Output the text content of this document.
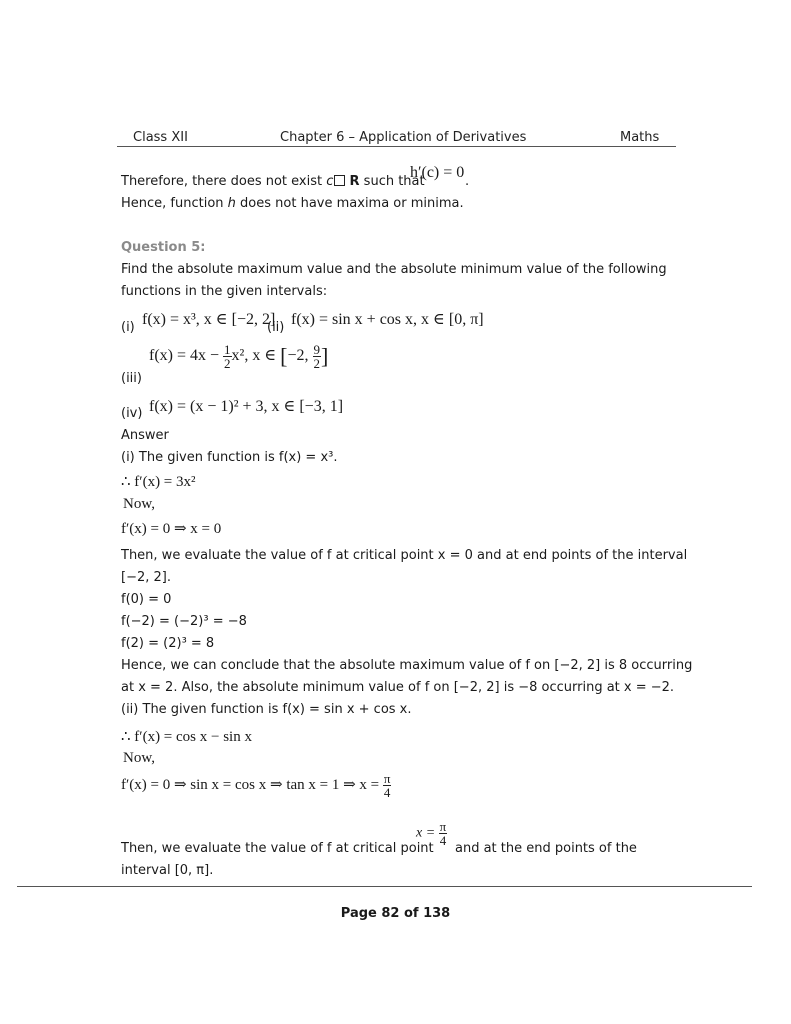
Class XII	Chapter 6 – Application of Derivatives	Maths
Therefore, there does not exist c R such that
h′(c) = 0
.
Hence, function h does not have maxima or minima.
Question 5:
Find the absolute maximum value and the absolute minimum value of the following
functions in the given intervals:
(i) f(x) = x³, x ∈ [−2, 2]
(ii) f(x) = sin x + cos x, x ∈ [0, π]
(iii)
$f(x) = 4x - \frac{1}{2} x^2$, x ∈ [−2, $\frac{9}{2}$ ]
(iv) f(x) = (x − 1)² + 3, x ∈ [−3, 1]
Answer
(i) The given function is f(x) = x³.
∴ f′(x) = 3x²
Now,
f′(x) = 0 ⇒ x = 0
Then, we evaluate the value of f at critical point x = 0 and at end points of the interval
[−2, 2].
f(0) = 0
f(−2) = (−2)³ = −8
f(2) = (2)³ = 8
Hence, we can conclude that the absolute maximum value of f on [−2, 2] is 8 occurring
at x = 2. Also, the absolute minimum value of f on [−2, 2] is −8 occurring at x = −2.
(ii) The given function is f(x) = sin x + cos x.
∴ f′(x) = cos x − sin x
Now,
f′(x) = 0 ⇒ sin x = cos x ⇒ tan x = 1 ⇒ $x = \frac{\pi}{4}$
Then, we evaluate the value of f at critical point
$x = \frac{\pi}{4}$
and at the end points of the
interval [0, π].
Page 82 of 138
